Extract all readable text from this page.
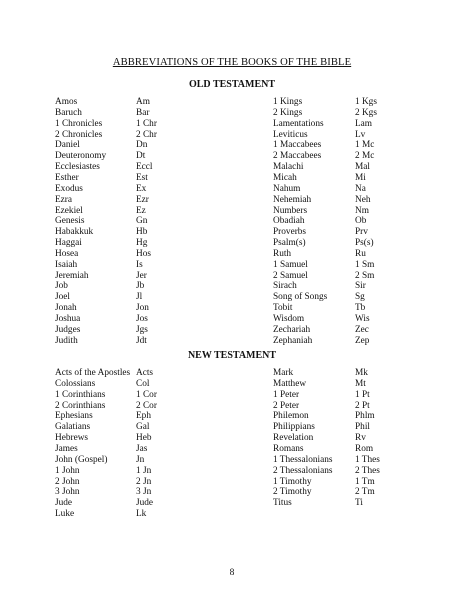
ABBREVIATIONS OF THE BOOKS OF THE BIBLE
OLD TESTAMENT
Amos	Am
Baruch	Bar
1 Chronicles	1 Chr
2 Chronicles	2 Chr
Daniel	Dn
Deuteronomy	Dt
Ecclesiastes	Eccl
Esther	Est
Exodus	Ex
Ezra	Ezr
Ezekiel	Ez
Genesis	Gn
Habakkuk	Hb
Haggai	Hg
Hosea	Hos
Isaiah	Is
Jeremiah	Jer
Job	Jb
Joel	Jl
Jonah	Jon
Joshua	Jos
Judges	Jgs
Judith	Jdt
1 Kings	1 Kgs
2 Kings	2 Kgs
Lamentations	Lam
Leviticus	Lv
1 Maccabees	1 Mc
2 Maccabees	2 Mc
Malachi	Mal
Micah	Mi
Nahum	Na
Nehemiah	Neh
Numbers	Nm
Obadiah	Ob
Proverbs	Prv
Psalm(s)	Ps(s)
Ruth	Ru
1 Samuel	1 Sm
2 Samuel	2 Sm
Sirach	Sir
Song of Songs	Sg
Tobit	Tb
Wisdom	Wis
Zechariah	Zec
Zephaniah	Zep
NEW TESTAMENT
Acts of the Apostles Acts
Colossians	Col
1 Corinthians	1 Cor
2 Corinthians	2 Cor
Ephesians	Eph
Galatians	Gal
Hebrews	Heb
James	Jas
John (Gospel)	Jn
1 John	1 Jn
2 John	2 Jn
3 John	3 Jn
Jude	Jude
Luke	Lk
Mark	Mk
Matthew	Mt
1 Peter	1 Pt
2 Peter	2 Pt
Philemon	Phlm
Philippians	Phil
Revelation	Rv
Romans	Rom
1 Thessalonians 1 Thes
2 Thessalonians 2 Thes
1 Timothy	1 Tm
2 Timothy	2 Tm
Titus	Ti
8
